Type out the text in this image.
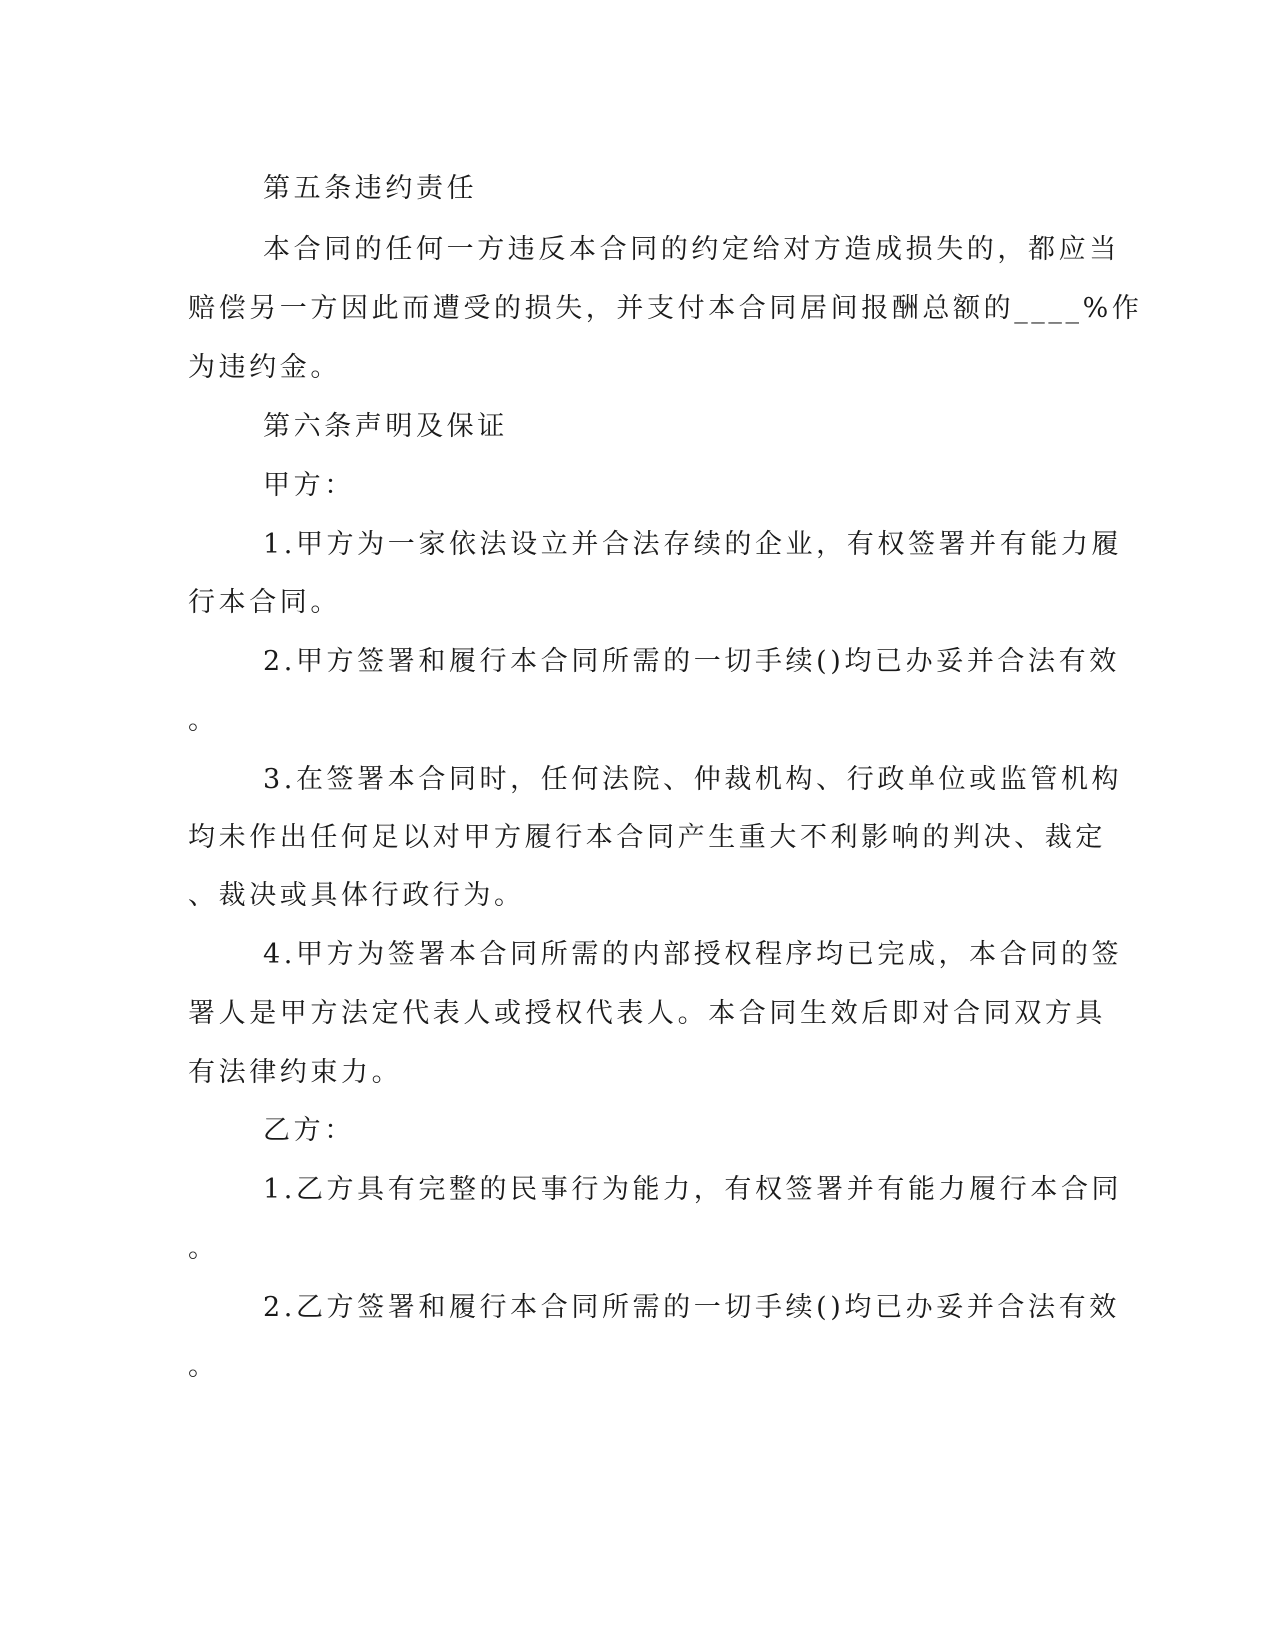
第五条违约责任
本合同的任何一方违反本合同的约定给对方造成损失的，都应当
赔偿另一方因此而遭受的损失，并支付本合同居间报酬总额的____%作
为违约金。
第六条声明及保证
甲方：
1.甲方为一家依法设立并合法存续的企业，有权签署并有能力履
行本合同。
2.甲方签署和履行本合同所需的一切手续()均已办妥并合法有效
。
3.在签署本合同时，任何法院、仲裁机构、行政单位或监管机构
均未作出任何足以对甲方履行本合同产生重大不利影响的判决、裁定
、裁决或具体行政行为。
4.甲方为签署本合同所需的内部授权程序均已完成，本合同的签
署人是甲方法定代表人或授权代表人。本合同生效后即对合同双方具
有法律约束力。
乙方：
1.乙方具有完整的民事行为能力，有权签署并有能力履行本合同
。
2.乙方签署和履行本合同所需的一切手续()均已办妥并合法有效
。
